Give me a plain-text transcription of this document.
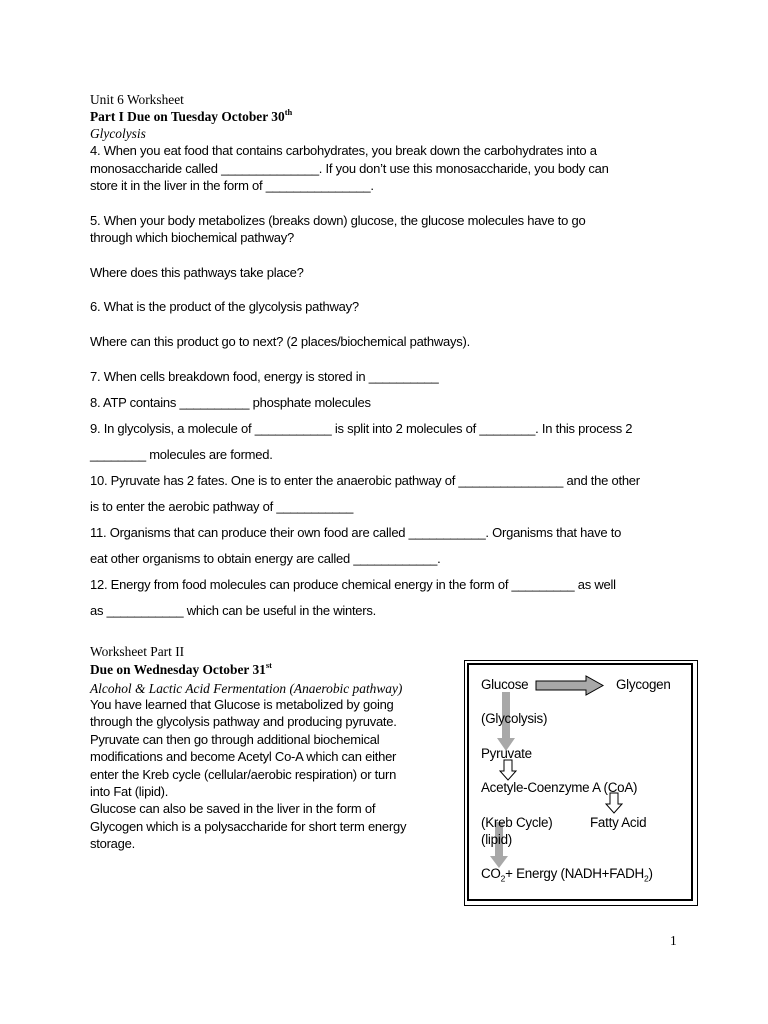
Unit 6 Worksheet
Part I Due on Tuesday October 30th
Glycolysis
4. When you eat food that contains carbohydrates, you break down the carbohydrates into a
monosaccharide called ______________. If you don’t use this monosaccharide, you body can
store it in the liver in the form of _______________.
5. When your body metabolizes (breaks down) glucose, the glucose molecules have to go
through which biochemical pathway?
Where does this pathways take place?
6. What is the product of the glycolysis pathway?
Where can this product go to next? (2 places/biochemical pathways).
7. When cells breakdown food, energy is stored in __________
8. ATP contains __________ phosphate molecules
9. In glycolysis, a molecule of ___________ is split into 2 molecules of ________. In this process 2
________ molecules are formed.
10. Pyruvate has 2 fates. One is to enter the anaerobic pathway of _______________ and the other
is to enter the aerobic pathway of ___________
11. Organisms that can produce their own food are called ___________. Organisms that have to
eat other organisms to obtain energy are called ____________.
12. Energy from food molecules can produce chemical energy in the form of _________ as well
as ___________ which can be useful in the winters.
Worksheet Part II
Due on Wednesday October 31st
Alcohol & Lactic Acid Fermentation (Anaerobic pathway)
You have learned that Glucose is metabolized by going
through the glycolysis pathway and producing pyruvate.
Pyruvate can then go through additional biochemical
modifications and become Acetyl Co-A which can either
enter the Kreb cycle (cellular/aerobic respiration) or turn
into Fat (lipid).
Glucose can also be saved in the liver in the form of
Glycogen which is a polysaccharide for short term energy
storage.
Glucose	Glycogen
(Glycolysis)
Pyruvate
Acetyle-Coenzyme A (CoA)
(Kreb Cycle)	Fatty Acid
(lipid)
$CO_2+$ Energy $(NADH+FADH_2)$
1
